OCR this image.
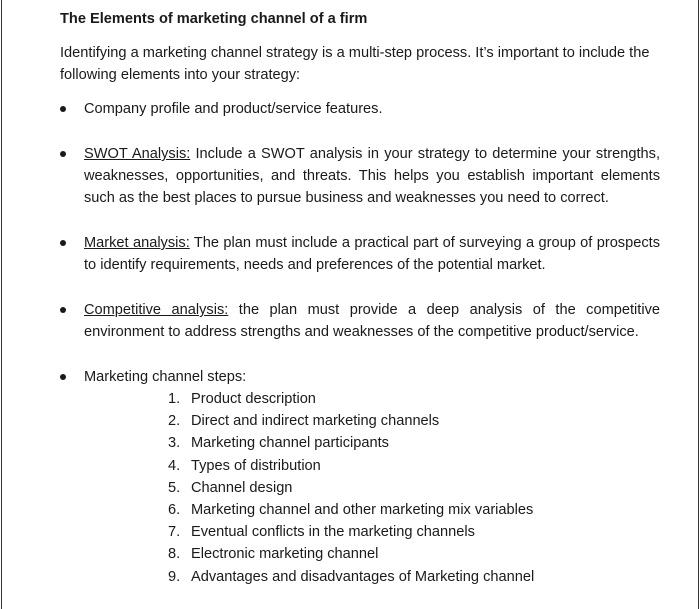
The Elements of marketing channel of a firm

Identifying a marketing channel strategy is a multi-step process. It’s important to include the following elements into your strategy:

Company profile and product/service features.
SWOT Analysis: Include a SWOT analysis in your strategy to determine your strengths, weaknesses, opportunities, and threats. This helps you establish important elements such as the best places to pursue business and weaknesses you need to correct.
Market analysis: The plan must include a practical part of surveying a group of prospects to identify requirements, needs and preferences of the potential market.
Competitive analysis: the plan must provide a deep analysis of the competitive environment to address strengths and weaknesses of the competitive product/service.
Marketing channel steps:
1. Product description
2. Direct and indirect marketing channels
3. Marketing channel participants
4. Types of distribution
5. Channel design
6. Marketing channel and other marketing mix variables
7. Eventual conflicts in the marketing channels
8. Electronic marketing channel
9. Advantages and disadvantages of Marketing channel
